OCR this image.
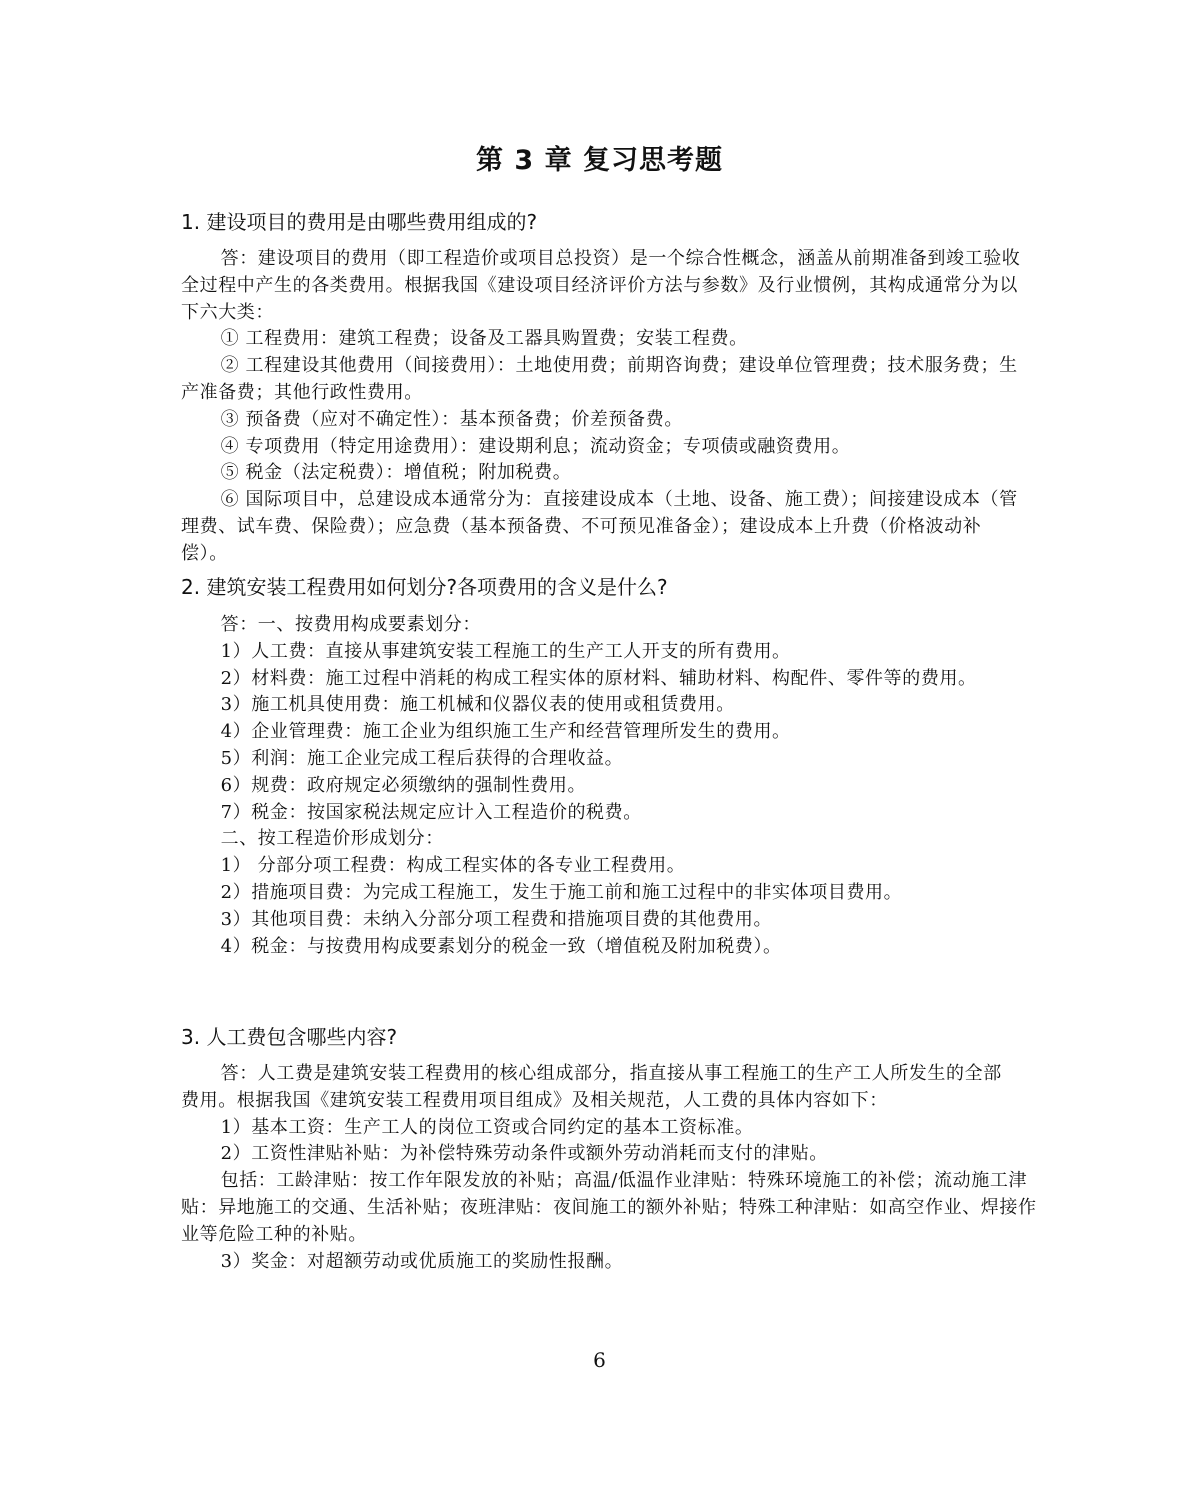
第 3 章 复习思考题
1. 建设项目的费用是由哪些费用组成的?

答：建设项目的费用（即工程造价或项目总投资）是一个综合性概念，涵盖从前期准备到竣工验收全过程中产生的各类费用。根据我国《建设项目经济评价方法与参数》及行业惯例，其构成通常分为以下六大类：

① 工程费用：建筑工程费；设备及工器具购置费；安装工程费。

② 工程建设其他费用（间接费用）：土地使用费；前期咨询费；建设单位管理费；技术服务费；生产准备费；其他行政性费用。

③ 预备费（应对不确定性）：基本预备费；价差预备费。

④ 专项费用（特定用途费用）：建设期利息；流动资金；专项债或融资费用。

⑤ 税金（法定税费）：增值税；附加税费。

⑥ 国际项目中，总建设成本通常分为：直接建设成本（土地、设备、施工费）；间接建设成本（管理费、试车费、保险费）；应急费（基本预备费、不可预见准备金）；建设成本上升费（价格波动补偿）。

2. 建筑安装工程费用如何划分?各项费用的含义是什么?

答：一、按费用构成要素划分：

1）人工费：直接从事建筑安装工程施工的生产工人开支的所有费用。

2）材料费：施工过程中消耗的构成工程实体的原材料、辅助材料、构配件、零件等的费用。

3）施工机具使用费：施工机械和仪器仪表的使用或租赁费用。

4）企业管理费：施工企业为组织施工生产和经营管理所发生的费用。

5）利润：施工企业完成工程后获得的合理收益。

6）规费：政府规定必须缴纳的强制性费用。

7）税金：按国家税法规定应计入工程造价的税费。

二、按工程造价形成划分：

1） 分部分项工程费：构成工程实体的各专业工程费用。

2）措施项目费：为完成工程施工，发生于施工前和施工过程中的非实体项目费用。

3）其他项目费：未纳入分部分项工程费和措施项目费的其他费用。

4）税金：与按费用构成要素划分的税金一致（增值税及附加税费）。

3. 人工费包含哪些内容?

答：人工费是建筑安装工程费用的核心组成部分，指直接从事工程施工的生产工人所发生的全部费用。根据我国《建筑安装工程费用项目组成》及相关规范，人工费的具体内容如下：

1）基本工资：生产工人的岗位工资或合同约定的基本工资标准。

2）工资性津贴补贴：为补偿特殊劳动条件或额外劳动消耗而支付的津贴。

包括：工龄津贴：按工作年限发放的补贴；高温/低温作业津贴：特殊环境施工的补偿；流动施工津贴：异地施工的交通、生活补贴；夜班津贴：夜间施工的额外补贴；特殊工种津贴：如高空作业、焊接作业等危险工种的补贴。

3）奖金：对超额劳动或优质施工的奖励性报酬。

6
